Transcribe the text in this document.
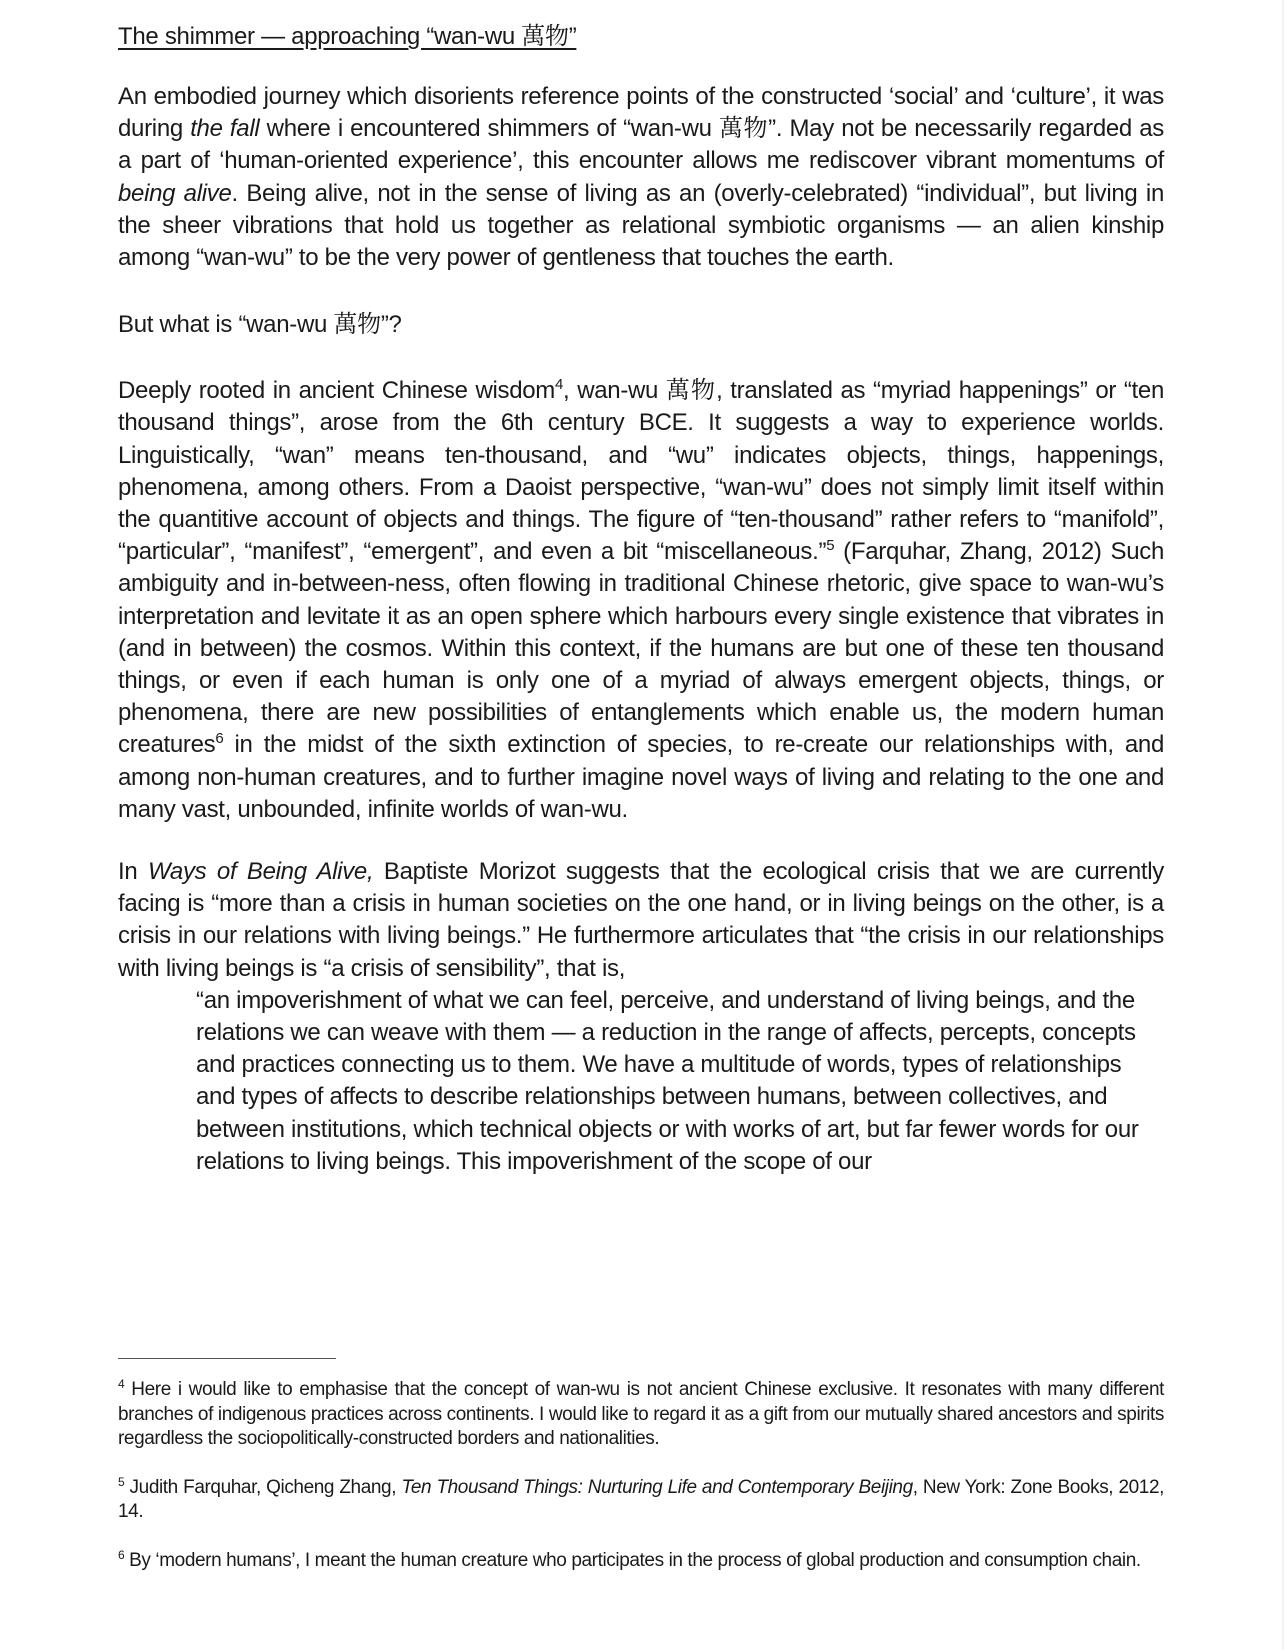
The shimmer — approaching “wan-wu 萬物”

An embodied journey which disorients reference points of the constructed ‘social’ and ‘culture’, it was during the fall where i encountered shimmers of “wan-wu 萬物”. May not be necessarily regarded as a part of ‘human-oriented experience’, this encounter allows me rediscover vibrant momentums of being alive. Being alive, not in the sense of living as an (overly-celebrated) “individual”, but living in the sheer vibrations that hold us together as relational symbiotic organisms — an alien kinship among “wan-wu” to be the very power of gentleness that touches the earth.

But what is “wan-wu 萬物”?

Deeply rooted in ancient Chinese wisdom$^4$, wan-wu 萬物, translated as “myriad happenings” or “ten thousand things”, arose from the 6th century BCE. It suggests a way to experience worlds. Linguistically, “wan” means ten-thousand, and “wu” indicates objects, things, happenings, phenomena, among others. From a Daoist perspective, “wan-wu” does not simply limit itself within the quantitive account of objects and things. The figure of “ten-thousand” rather refers to “manifold”, “particular”, “manifest”, “emergent”, and even a bit “miscellaneous.”$^5$ (Farquhar, Zhang, 2012) Such ambiguity and in-between-ness, often flowing in traditional Chinese rhetoric, give space to wan-wu’s interpretation and levitate it as an open sphere which harbours every single existence that vibrates in (and in between) the cosmos. Within this context, if the humans are but one of these ten thousand things, or even if each human is only one of a myriad of always emergent objects, things, or phenomena, there are new possibilities of entanglements which enable us, the modern human creatures$^6$ in the midst of the sixth extinction of species, to re-create our relationships with, and among non-human creatures, and to further imagine novel ways of living and relating to the one and many vast, unbounded, infinite worlds of wan-wu.

In Ways of Being Alive, Baptiste Morizot suggests that the ecological crisis that we are currently facing is “more than a crisis in human societies on the one hand, or in living beings on the other, is a crisis in our relations with living beings.” He furthermore articulates that “the crisis in our relationships with living beings is “a crisis of sensibility”, that is,

“an impoverishment of what we can feel, perceive, and understand of living beings, and the relations we can weave with them — a reduction in the range of affects, percepts, concepts and practices connecting us to them. We have a multitude of words, types of relationships and types of affects to describe relationships between humans, between collectives, and between institutions, which technical objects or with works of art, but far fewer words for our relations to living beings. This impoverishment of the scope of our

$^4$ Here i would like to emphasise that the concept of wan-wu is not ancient Chinese exclusive. It resonates with many different branches of indigenous practices across continents. I would like to regard it as a gift from our mutually shared ancestors and spirits regardless the sociopolitically-constructed borders and nationalities.

$^5$ Judith Farquhar, Qicheng Zhang, Ten Thousand Things: Nurturing Life and Contemporary Beijing, New York: Zone Books, 2012, 14.

$^6$ By ‘modern humans’, I meant the human creature who participates in the process of global production and consumption chain.
